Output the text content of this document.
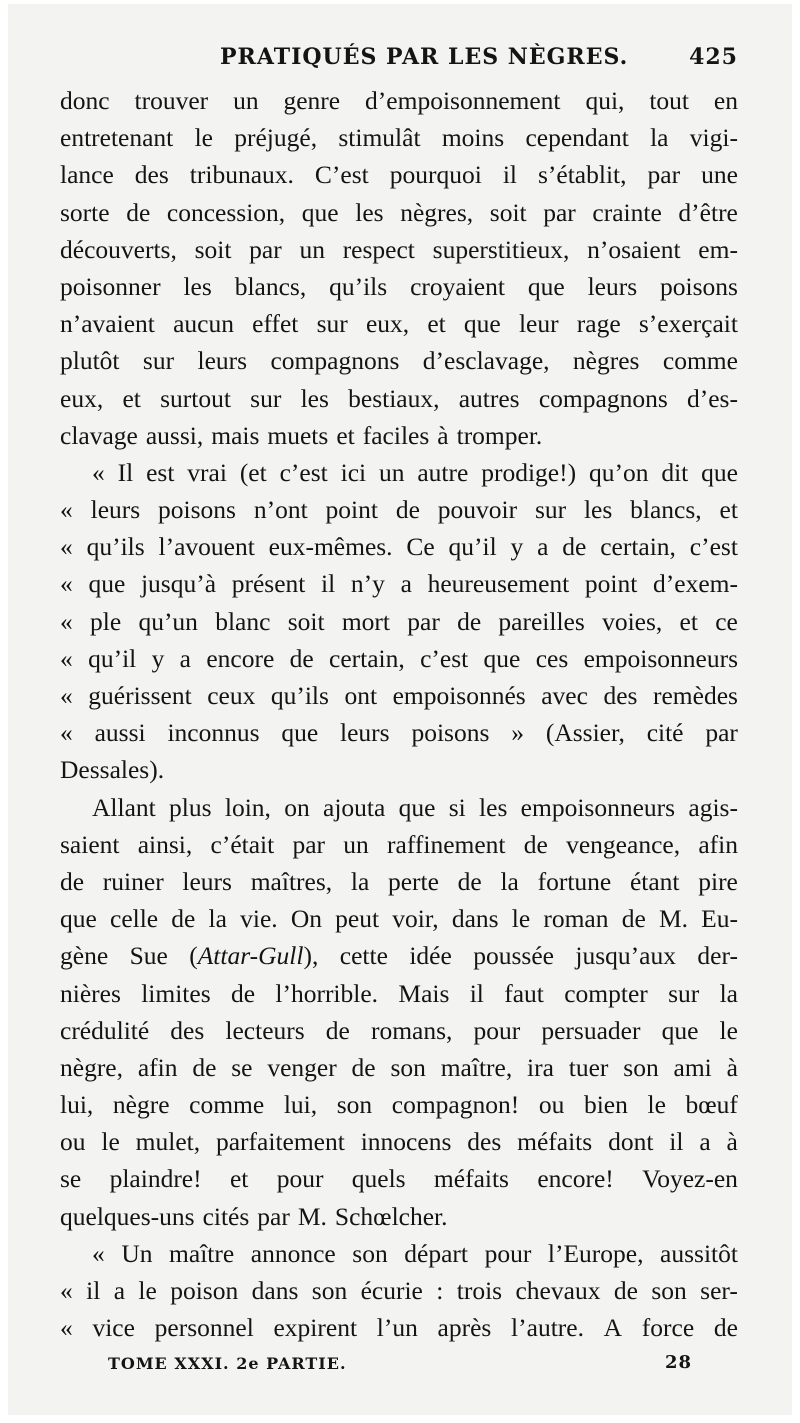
PRATIQUÉS PAR LES NÈGRES.	425
donc trouver un genre d’empoisonnement qui, tout en
entretenant le préjugé, stimulât moins cependant la vigi-
lance des tribunaux. C’est pourquoi il s’établit, par une
sorte de concession, que les nègres, soit par crainte d’être
découverts, soit par un respect superstitieux, n’osaient em-
poisonner les blancs, qu’ils croyaient que leurs poisons
n’avaient aucun effet sur eux, et que leur rage s’exerçait
plutôt sur leurs compagnons d’esclavage, nègres comme
eux, et surtout sur les bestiaux, autres compagnons d’es-
clavage aussi, mais muets et faciles à tromper.
« Il est vrai (et c’est ici un autre prodige!) qu’on dit que
« leurs poisons n’ont point de pouvoir sur les blancs, et
« qu’ils l’avouent eux-mêmes. Ce qu’il y a de certain, c’est
« que jusqu’à présent il n’y a heureusement point d’exem-
« ple qu’un blanc soit mort par de pareilles voies, et ce
« qu’il y a encore de certain, c’est que ces empoisonneurs
« guérissent ceux qu’ils ont empoisonnés avec des remèdes
« aussi inconnus que leurs poisons » (Assier, cité par
Dessales).
Allant plus loin, on ajouta que si les empoisonneurs agis-
saient ainsi, c’était par un raffinement de vengeance, afin
de ruiner leurs maîtres, la perte de la fortune étant pire
que celle de la vie. On peut voir, dans le roman de M. Eu-
gène Sue (Attar-Gull), cette idée poussée jusqu’aux der-
nières limites de l’horrible. Mais il faut compter sur la
crédulité des lecteurs de romans, pour persuader que le
nègre, afin de se venger de son maître, ira tuer son ami à
lui, nègre comme lui, son compagnon! ou bien le bœuf
ou le mulet, parfaitement innocens des méfaits dont il a à
se plaindre! et pour quels méfaits encore! Voyez-en
quelques-uns cités par M. Schœlcher.
« Un maître annonce son départ pour l’Europe, aussitôt
« il a le poison dans son écurie : trois chevaux de son ser-
« vice personnel expirent l’un après l’autre. A force de
TOME XXXI. 2e PARTIE.	28
